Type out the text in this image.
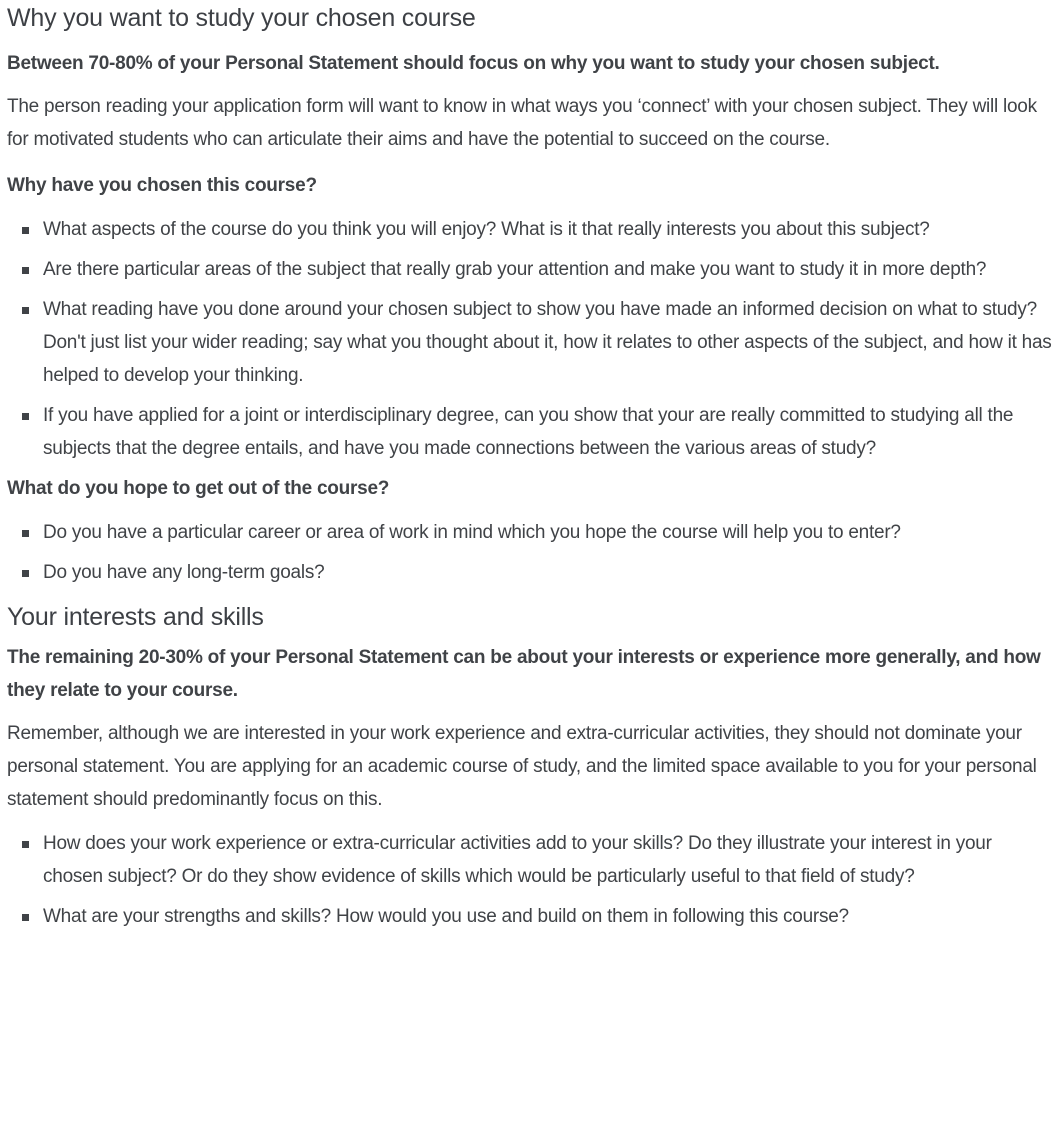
Why you want to study your chosen course

Between 70-80% of your Personal Statement should focus on why you want to study your chosen subject.

The person reading your application form will want to know in what ways you ‘connect’ with your chosen subject. They will look for motivated students who can articulate their aims and have the potential to succeed on the course.

Why have you chosen this course?

What aspects of the course do you think you will enjoy? What is it that really interests you about this subject?
Are there particular areas of the subject that really grab your attention and make you want to study it in more depth?
What reading have you done around your chosen subject to show you have made an informed decision on what to study? Don't just list your wider reading; say what you thought about it, how it relates to other aspects of the subject, and how it has helped to develop your thinking.
If you have applied for a joint or interdisciplinary degree, can you show that your are really committed to studying all the subjects that the degree entails, and have you made connections between the various areas of study?

What do you hope to get out of the course?

Do you have a particular career or area of work in mind which you hope the course will help you to enter?
Do you have any long-term goals?
Your interests and skills

The remaining 20-30% of your Personal Statement can be about your interests or experience more generally, and how they relate to your course.

Remember, although we are interested in your work experience and extra-curricular activities, they should not dominate your personal statement. You are applying for an academic course of study, and the limited space available to you for your personal statement should predominantly focus on this.

How does your work experience or extra-curricular activities add to your skills? Do they illustrate your interest in your chosen subject? Or do they show evidence of skills which would be particularly useful to that field of study?
What are your strengths and skills? How would you use and build on them in following this course?
